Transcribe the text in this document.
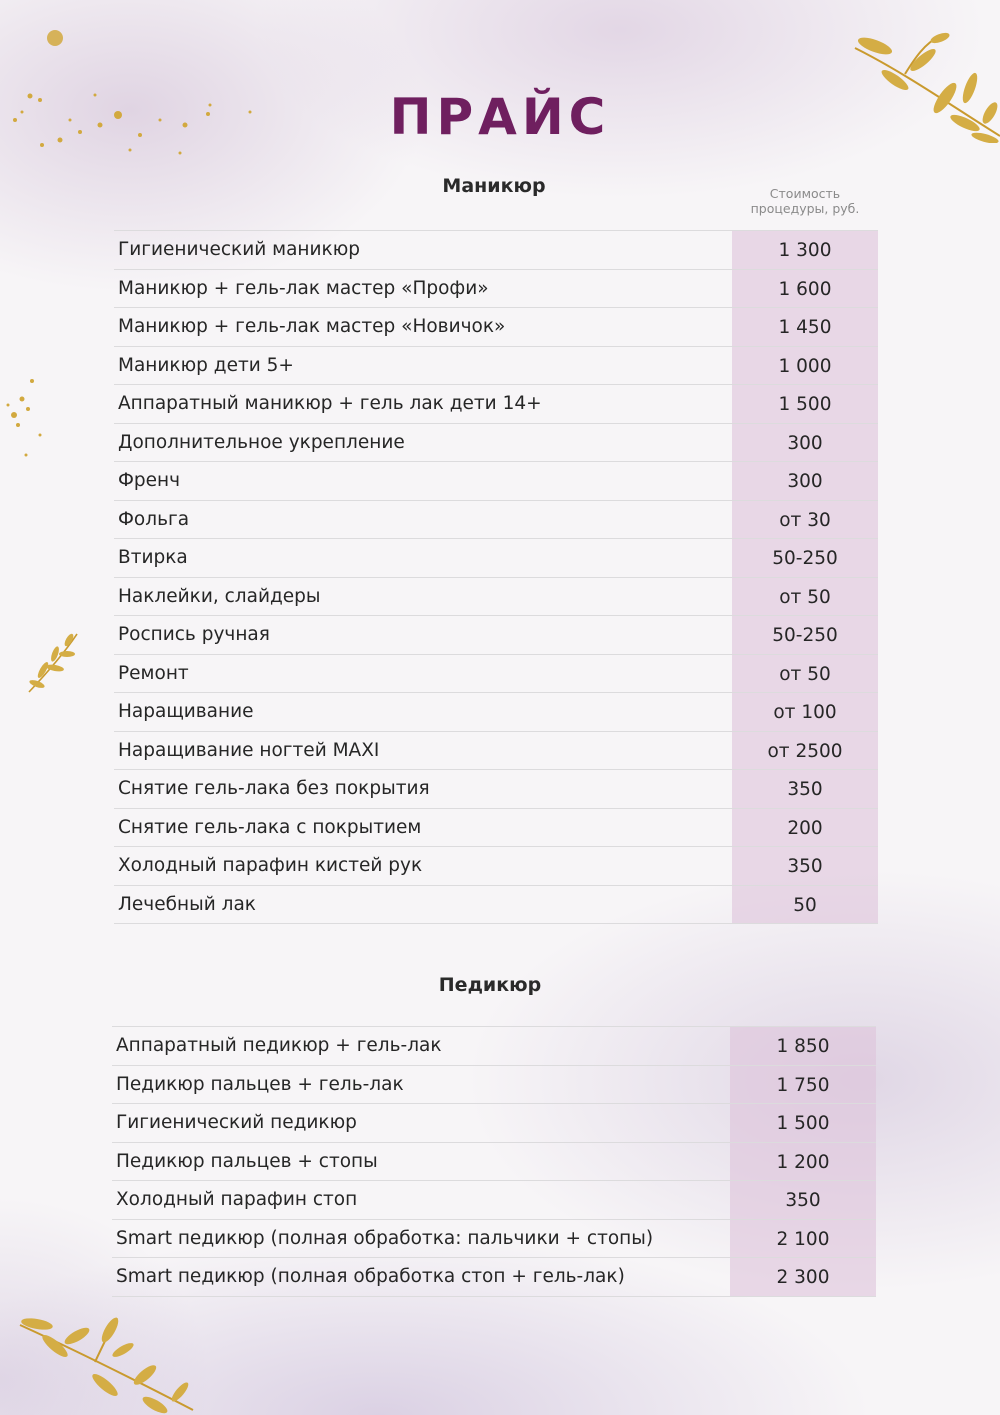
ПРАЙС
Маникюр	Стоимость процедуры, руб.
Гигиенический маникюр	1 300
Маникюр + гель-лак мастер «Профи»	1 600
Маникюр + гель-лак мастер «Новичок»	1 450
Маникюр дети 5+	1 000
Аппаратный маникюр + гель лак дети 14+	1 500
Дополнительное укрепление	300
Френч	300
Фольга	от 30
Втирка	50-250
Наклейки, слайдеры	от 50
Роспись ручная	50-250
Ремонт	от 50
Наращивание	от 100
Наращивание ногтей MAXI	от 2500
Снятие гель-лака без покрытия	350
Снятие гель-лака с покрытием	200
Холодный парафин кистей рук	350
Лечебный лак	50
Педикюр
Аппаратный педикюр + гель-лак	1 850
Педикюр пальцев + гель-лак	1 750
Гигиенический педикюр	1 500
Педикюр пальцев + стопы	1 200
Холодный парафин стоп	350
Smart педикюр (полная обработка: пальчики + стопы)	2 100
Smart педикюр (полная обработка стоп + гель-лак)	2 300
